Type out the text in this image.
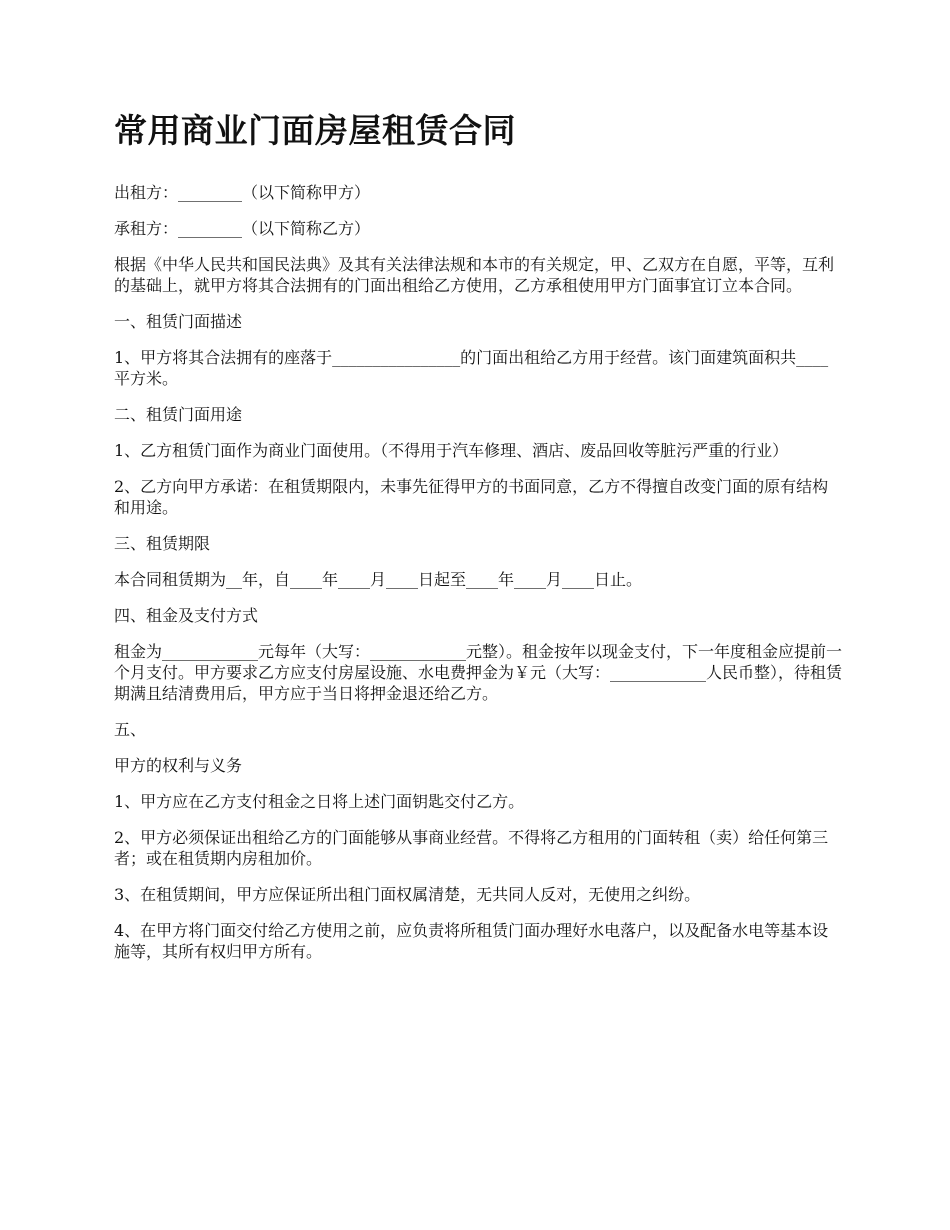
常用商业门面房屋租赁合同

出租方：________（以下简称甲方）

承租方：________（以下简称乙方）

根据《中华人民共和国民法典》及其有关法律法规和本市的有关规定，甲、乙双方在自愿，平等，互利的基础上，就甲方将其合法拥有的门面出租给乙方使用，乙方承租使用甲方门面事宜订立本合同。

一、租赁门面描述

1、甲方将其合法拥有的座落于________________的门面出租给乙方用于经营。该门面建筑面积共____平方米。

二、租赁门面用途

1、乙方租赁门面作为商业门面使用。（不得用于汽车修理、酒店、废品回收等脏污严重的行业）

2、乙方向甲方承诺：在租赁期限内，未事先征得甲方的书面同意，乙方不得擅自改变门面的原有结构和用途。

三、租赁期限

本合同租赁期为__年，自____年____月____日起至____年____月____日止。

四、租金及支付方式

租金为____________元每年（大写：____________元整）。租金按年以现金支付，下一年度租金应提前一个月支付。甲方要求乙方应支付房屋设施、水电费押金为￥元（大写：____________人民币整），待租赁期满且结清费用后，甲方应于当日将押金退还给乙方。

五、

甲方的权利与义务

1、甲方应在乙方支付租金之日将上述门面钥匙交付乙方。

2、甲方必须保证出租给乙方的门面能够从事商业经营。不得将乙方租用的门面转租（卖）给任何第三者；或在租赁期内房租加价。

3、在租赁期间，甲方应保证所出租门面权属清楚，无共同人反对，无使用之纠纷。

4、在甲方将门面交付给乙方使用之前，应负责将所租赁门面办理好水电落户，以及配备水电等基本设施等，其所有权归甲方所有。
